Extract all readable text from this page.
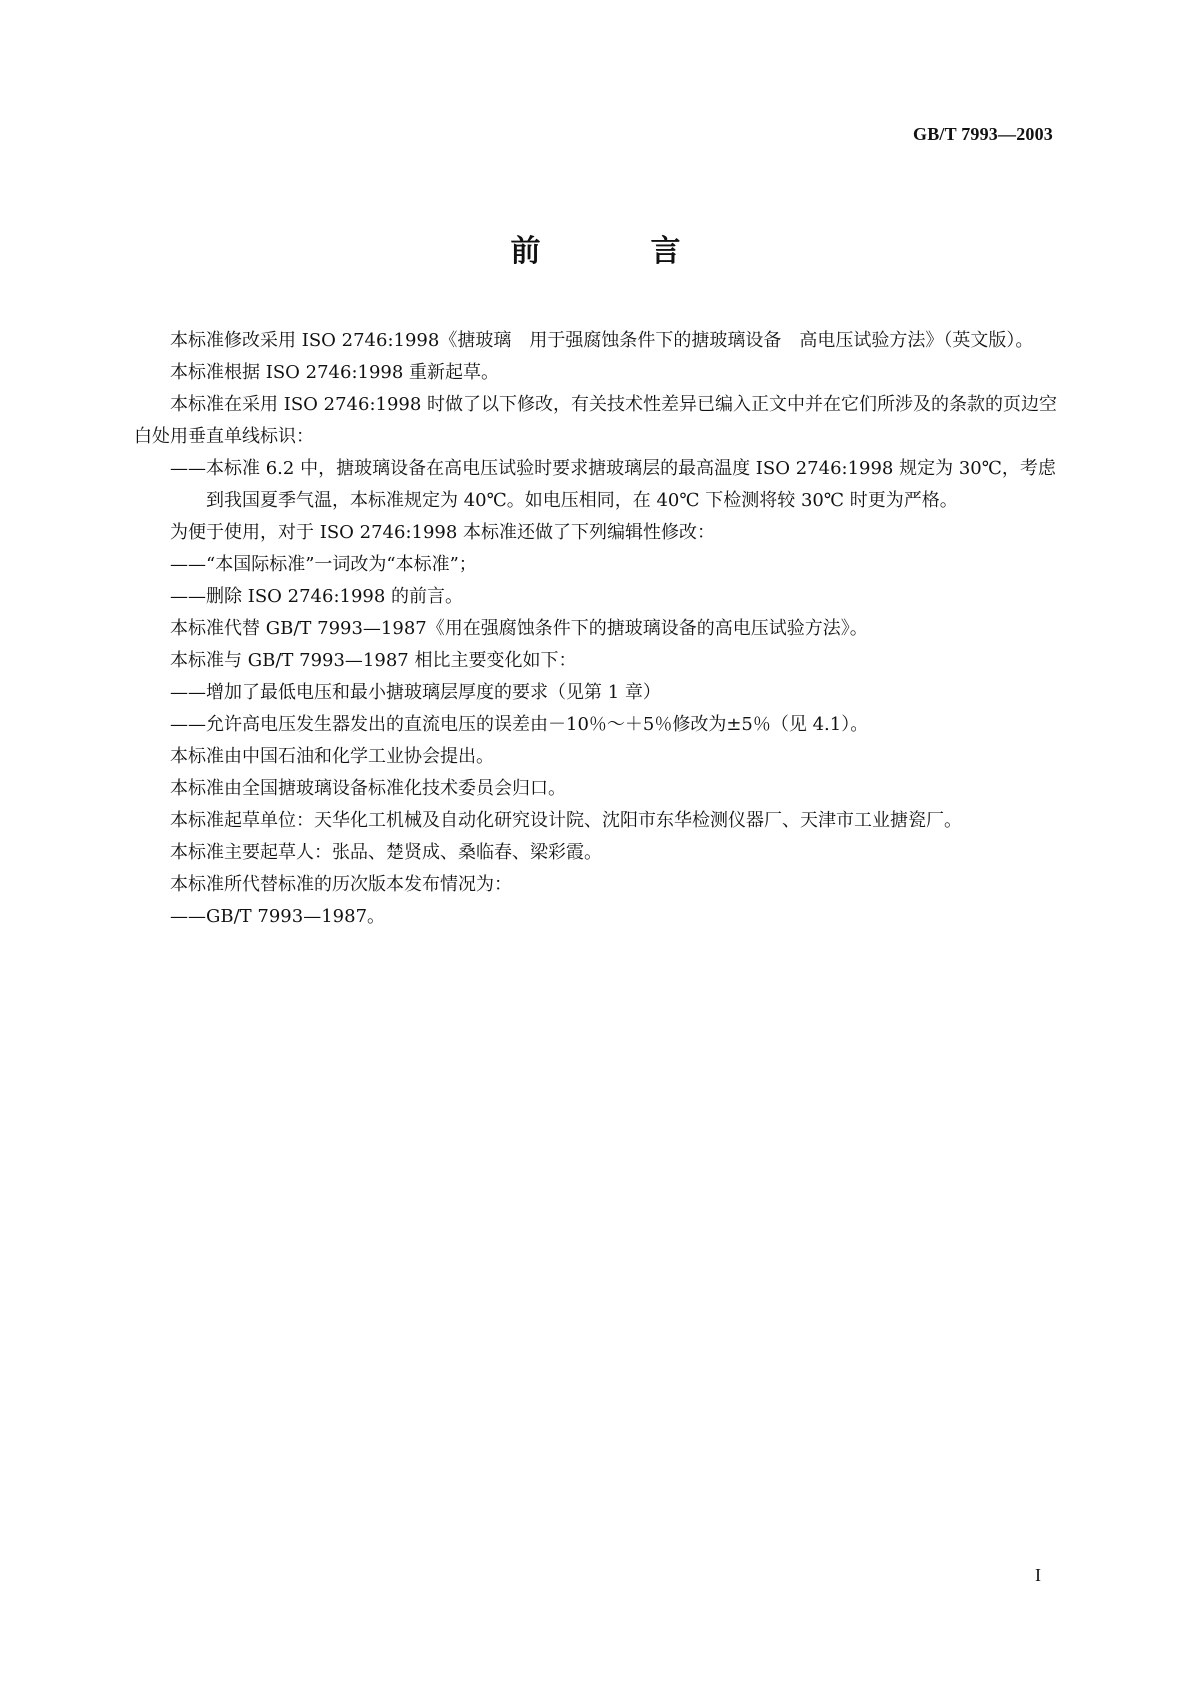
GB/T 7993—2003
前　言

本标准修改采用 ISO 2746:1998《搪玻璃　用于强腐蚀条件下的搪玻璃设备　高电压试验方法》（英文版）。

本标准根据 ISO 2746:1998 重新起草。

本标准在采用 ISO 2746:1998 时做了以下修改，有关技术性差异已编入正文中并在它们所涉及的条款的页边空白处用垂直单线标识：

——本标准 6.2 中，搪玻璃设备在高电压试验时要求搪玻璃层的最高温度 ISO 2746:1998 规定为 30℃，考虑到我国夏季气温，本标准规定为 40℃。如电压相同，在 40℃ 下检测将较 30℃ 时更为严格。

为便于使用，对于 ISO 2746:1998 本标准还做了下列编辑性修改：

——“本国际标准”一词改为“本标准”；

——删除 ISO 2746:1998 的前言。

本标准代替 GB/T 7993—1987《用在强腐蚀条件下的搪玻璃设备的高电压试验方法》。

本标准与 GB/T 7993—1987 相比主要变化如下：

——增加了最低电压和最小搪玻璃层厚度的要求（见第 1 章）

——允许高电压发生器发出的直流电压的误差由－10％～＋5％修改为±5％（见 4.1）。

本标准由中国石油和化学工业协会提出。

本标准由全国搪玻璃设备标准化技术委员会归口。

本标准起草单位：天华化工机械及自动化研究设计院、沈阳市东华检测仪器厂、天津市工业搪瓷厂。

本标准主要起草人：张品、楚贤成、桑临春、梁彩霞。

本标准所代替标准的历次版本发布情况为：

——GB/T 7993—1987。

I
